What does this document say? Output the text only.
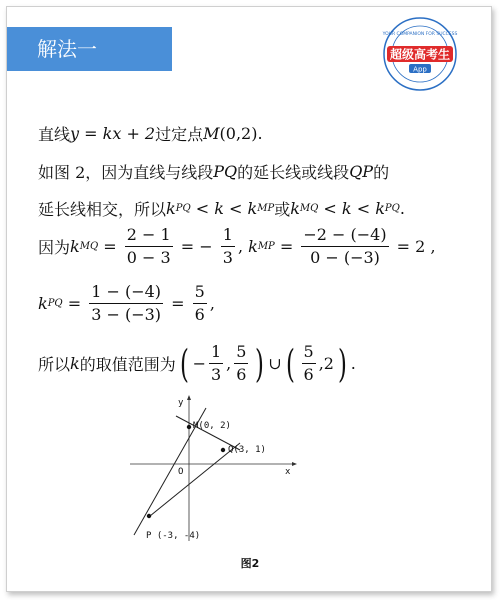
解法一
YOUR COMPANION FOR SUCCESS
超级高考生
App
直线 y = kx + 2 过定点 M (0,2).
如图 2，因为直线与线段 PQ 的延长线或线段 QP 的
延长线相交，所以 k PQ < k < k MP 或 k MQ < k < k PQ .
因为 k MQ = $\frac{2 - 1}{0 - 3}$ = − $\frac{1}{3}$ , k MP = $\frac{-2 - (-4)}{0 - (-3)} = 2$ ,
k PQ = $\frac{1 - (-4)}{3 - (-3)} = \frac{5}{6}$ ,
所以 k 的取值范围为 ( − $\frac{1}{3}$ , $\frac{5}{6}$ ) ∪ ( $\frac{5}{6} ,2$ ) .
y
x
O
M(0, 2)
Q(3, 1)
P (-3, -4)
图2
